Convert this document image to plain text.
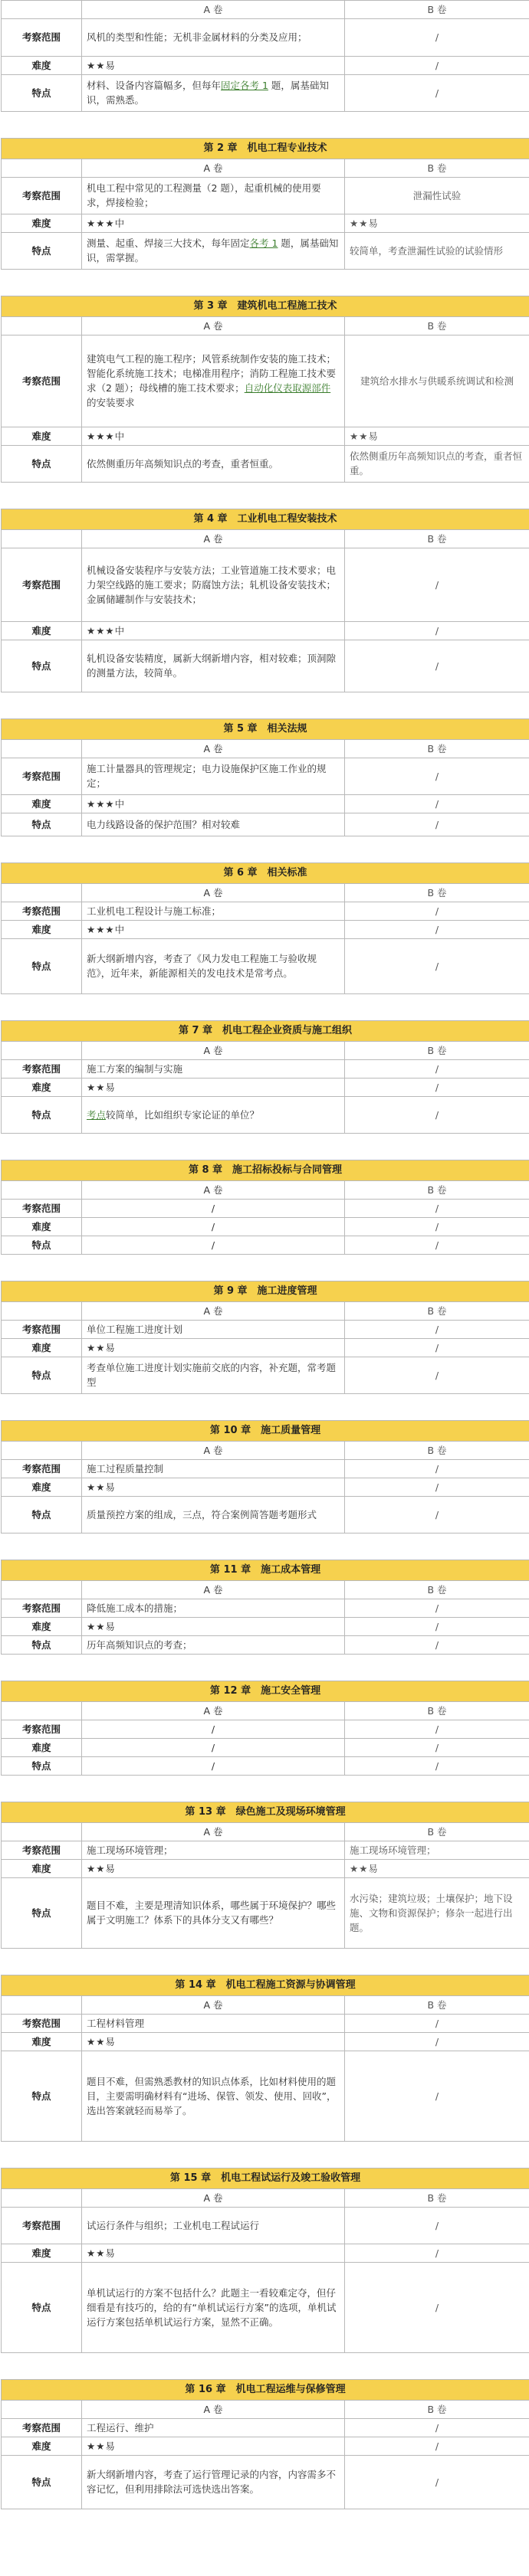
	A 卷	B 卷
考察范围	风机的类型和性能；无机非金属材料的分类及应用；	/
难度	★★易	/
特点	材料、设备内容篇幅多，但每年固定各考 1 题，属基础知识，需熟悉。	/
第 2 章　机电工程专业技术
	A 卷	B 卷
考察范围	机电工程中常见的工程测量（2 题），起重机械的使用要求，焊接检验；	泄漏性试验
难度	★★★中	★★易
特点	测量、起重、焊接三大技术，每年固定各考 1 题，属基础知识，需掌握。	较简单，考查泄漏性试验的试验情形
第 3 章　建筑机电工程施工技术
	A 卷	B 卷
考察范围	建筑电气工程的施工程序；风管系统制作安装的施工技术；智能化系统施工技术；电梯准用程序；消防工程施工技术要求（2 题）；母线槽的施工技术要求；自动化仪表取源部件的安装要求	建筑给水排水与供暖系统调试和检测
难度	★★★中	★★易
特点	依然侧重历年高频知识点的考查，重者恒重。	依然侧重历年高频知识点的考查，重者恒重。
第 4 章　工业机电工程安装技术
	A 卷	B 卷
考察范围	机械设备安装程序与安装方法；工业管道施工技术要求；电力架空线路的施工要求；防腐蚀方法；轧机设备安装技术；金属储罐制作与安装技术；	/
难度	★★★中	/
特点	轧机设备安装精度，属新大纲新增内容，相对较难；顶洞隙的测量方法，较简单。	/
第 5 章　相关法规
	A 卷	B 卷
考察范围	施工计量器具的管理规定；电力设施保护区施工作业的规定；	/
难度	★★★中	/
特点	电力线路设备的保护范围？相对较难	/
第 6 章　相关标准
	A 卷	B 卷
考察范围	工业机电工程设计与施工标准；	/
难度	★★★中	/
特点	新大纲新增内容，考查了《风力发电工程施工与验收规范》，近年来，新能源相关的发电技术是常考点。	/
第 7 章　机电工程企业资质与施工组织
	A 卷	B 卷
考察范围	施工方案的编制与实施	/
难度	★★易	/
特点	考点较简单，比如组织专家论证的单位？	/
第 8 章　施工招标投标与合同管理
	A 卷	B 卷
考察范围	/	/
难度	/	/
特点	/	/
第 9 章　施工进度管理
	A 卷	B 卷
考察范围	单位工程施工进度计划	/
难度	★★易	/
特点	考查单位施工进度计划实施前交底的内容，补充题，常考题型	/
第 10 章　施工质量管理
	A 卷	B 卷
考察范围	施工过程质量控制	/
难度	★★易	/
特点	质量预控方案的组成，三点，符合案例简答题考题形式	/
第 11 章　施工成本管理
	A 卷	B 卷
考察范围	降低施工成本的措施；	/
难度	★★易	/
特点	历年高频知识点的考查；	/
第 12 章　施工安全管理
	A 卷	B 卷
考察范围	/	/
难度	/	/
特点	/	/
第 13 章　绿色施工及现场环境管理
	A 卷	B 卷
考察范围	施工现场环境管理；	施工现场环境管理；
难度	★★易	★★易
特点	题目不难，主要是理清知识体系，哪些属于环境保护？哪些属于文明施工？体系下的具体分支又有哪些？	水污染；建筑垃圾；土壤保护；地下设施、文物和资源保护；修杂一起进行出题。
第 14 章　机电工程施工资源与协调管理
	A 卷	B 卷
考察范围	工程材料管理	/
难度	★★易	/
特点	题目不难，但需熟悉教材的知识点体系，比如材料使用的题目，主要需明确材料有“进场、保管、领发、使用、回收”，选出答案就轻而易举了。	/
第 15 章　机电工程试运行及竣工验收管理
	A 卷	B 卷
考察范围	试运行条件与组织；工业机电工程试运行	/
难度	★★易	/
特点	单机试运行的方案不包括什么？此题主一看较难定夺，但仔细看是有技巧的，给的有“单机试运行方案”的选项，单机试运行方案包括单机试运行方案，显然不正确。	/
第 16 章　机电工程运维与保修管理
	A 卷	B 卷
考察范围	工程运行、维护	/
难度	★★易	/
特点	新大纲新增内容，考查了运行管理记录的内容，内容需多不容记忆，但利用排除法可选快选出答案。	/
